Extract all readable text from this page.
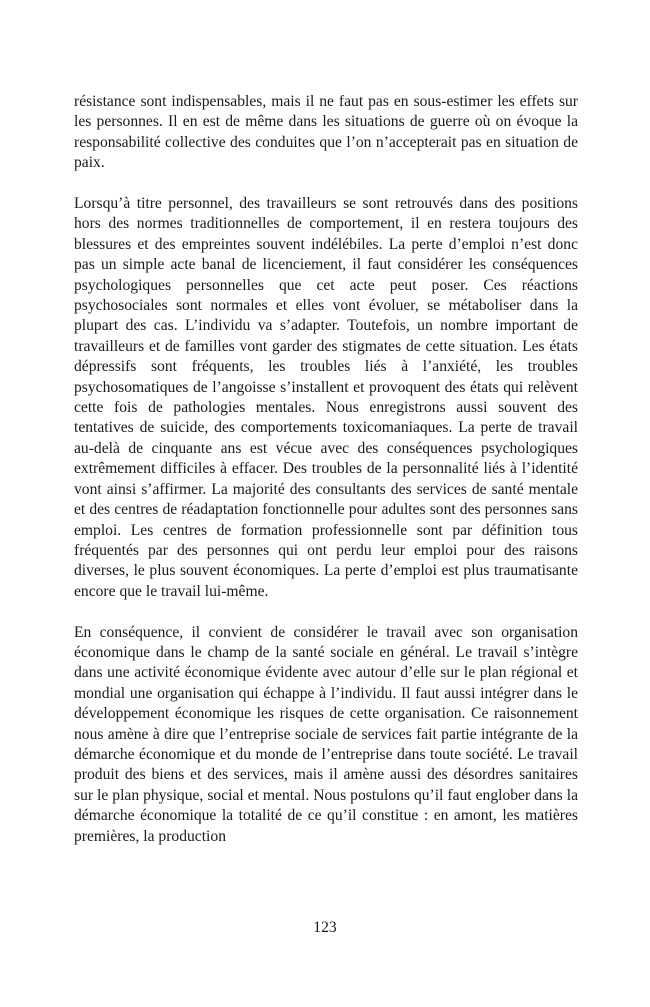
résistance sont indispensables, mais il ne faut pas en sous-estimer les effets sur les personnes. Il en est de même dans les situations de guerre où on évoque la responsabilité collective des conduites que l’on n’accepterait pas en situation de paix.

Lorsqu’à titre personnel, des travailleurs se sont retrouvés dans des positions hors des normes traditionnelles de comportement, il en restera toujours des blessures et des empreintes souvent indélébiles. La perte d’emploi n’est donc pas un simple acte banal de licenciement, il faut considérer les conséquences psychologiques personnelles que cet acte peut poser. Ces réactions psychosociales sont normales et elles vont évoluer, se métaboliser dans la plupart des cas. L’individu va s’adapter. Toutefois, un nombre important de travailleurs et de familles vont garder des stigmates de cette situation. Les états dépressifs sont fréquents, les troubles liés à l’anxiété, les troubles psychosomatiques de l’angoisse s’installent et provoquent des états qui relèvent cette fois de pathologies mentales. Nous enregistrons aussi souvent des tentatives de suicide, des comportements toxicomaniaques. La perte de travail au-delà de cinquante ans est vécue avec des conséquences psychologiques extrêmement difficiles à effacer. Des troubles de la personnalité liés à l’identité vont ainsi s’affirmer. La majorité des consultants des services de santé mentale et des centres de réadaptation fonctionnelle pour adultes sont des personnes sans emploi. Les centres de formation professionnelle sont par définition tous fréquentés par des personnes qui ont perdu leur emploi pour des raisons diverses, le plus souvent économiques. La perte d’emploi est plus traumatisante encore que le travail lui-même.

En conséquence, il convient de considérer le travail avec son organisation économique dans le champ de la santé sociale en général. Le travail s’intègre dans une activité économique évidente avec autour d’elle sur le plan régional et mondial une organisation qui échappe à l’individu. Il faut aussi intégrer dans le développement économique les risques de cette organisation. Ce raisonnement nous amène à dire que l’entreprise sociale de services fait partie intégrante de la démarche économique et du monde de l’entreprise dans toute société. Le travail produit des biens et des services, mais il amène aussi des désordres sanitaires sur le plan physique, social et mental. Nous postulons qu’il faut englober dans la démarche économique la totalité de ce qu’il constitue : en amont, les matières premières, la production

123
